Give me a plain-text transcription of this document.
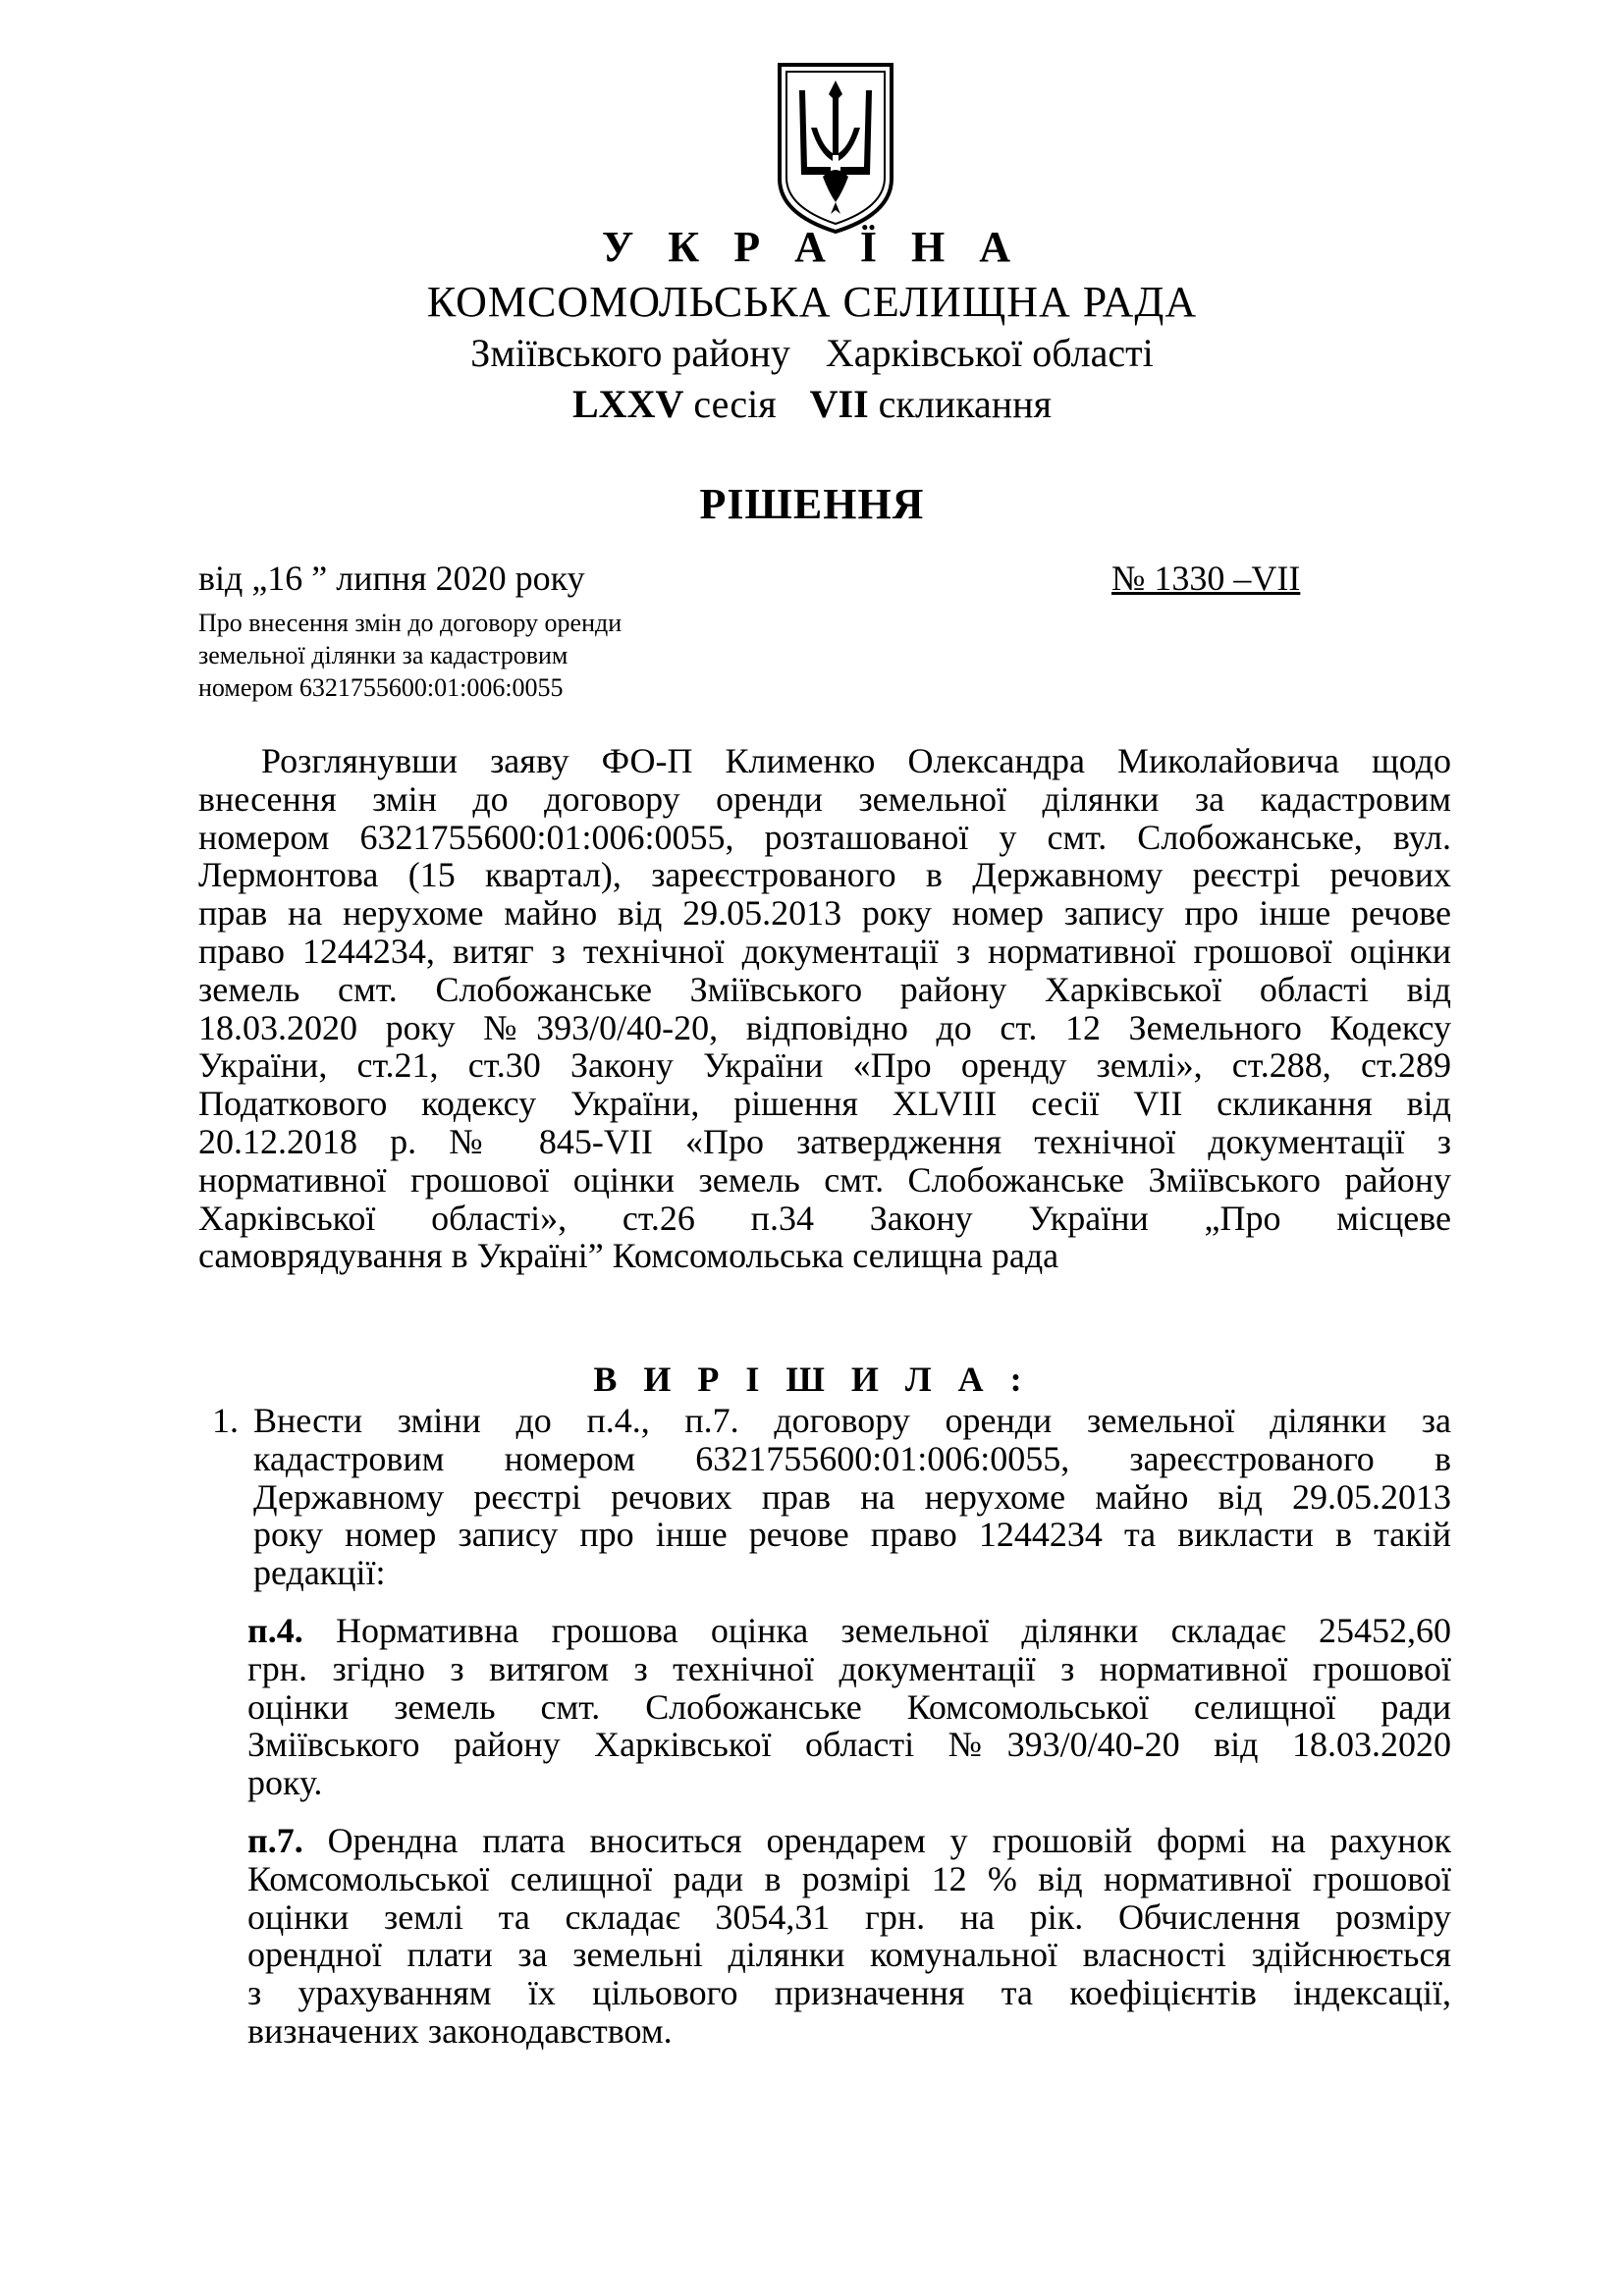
У К Р А Ї Н А
КОМСОМОЛЬСЬКА СЕЛИЩНА РАДА
Зміївського району Харківської області
LXXV сесія VII скликання
РІШЕННЯ
від „16 ” липня 2020 року	№ 1330 –VII
Про внесення змін до договору оренди
земельної ділянки за кадастровим
номером 6321755600:01:006:0055
Розглянувши заяву ФО-П Клименко Олександра Миколайовича щодо
внесення змін до договору оренди земельної ділянки за кадастровим
номером 6321755600:01:006:0055, розташованої у смт. Слобожанське, вул.
Лермонтова (15 квартал), зареєстрованого в Державному реєстрі речових
прав на нерухоме майно від 29.05.2013 року номер запису про інше речове
право 1244234, витяг з технічної документації з нормативної грошової оцінки
земель смт. Слобожанське Зміївського району Харківської області від
18.03.2020 року №393/0/40-20, відповідно до ст. 12 Земельного Кодексу
України, ст.21, ст.30 Закону України «Про оренду землі», ст.288, ст.289
Податкового кодексу України, рішення XLVIII сесії VII скликання від
20.12.2018 р. № 845-VII «Про затвердження технічної документації з
нормативної грошової оцінки земель смт. Слобожанське Зміївського району
Харківської області», ст.26 п.34 Закону України „Про місцеве
самоврядування в Україні” Комсомольська селищна рада
В И Р І Ш И Л А :
1. Внести зміни до п.4., п.7. договору оренди земельної ділянки за
кадастровим номером 6321755600:01:006:0055, зареєстрованого в
Державному реєстрі речових прав на нерухоме майно від 29.05.2013
року номер запису про інше речове право 1244234 та викласти в такій
редакції:
п.4. Нормативна грошова оцінка земельної ділянки складає 25452,60
грн. згідно з витягом з технічної документації з нормативної грошової
оцінки земель смт. Слобожанське Комсомольської селищної ради
Зміївського району Харківської області №393/0/40-20 від 18.03.2020
року.
п.7. Орендна плата вноситься орендарем у грошовій формі на рахунок
Комсомольської селищної ради в розмірі 12 % від нормативної грошової
оцінки землі та складає 3054,31 грн. на рік. Обчислення розміру
орендної плати за земельні ділянки комунальної власності здійснюється
з урахуванням їх цільового призначення та коефіцієнтів індексації,
визначених законодавством.
